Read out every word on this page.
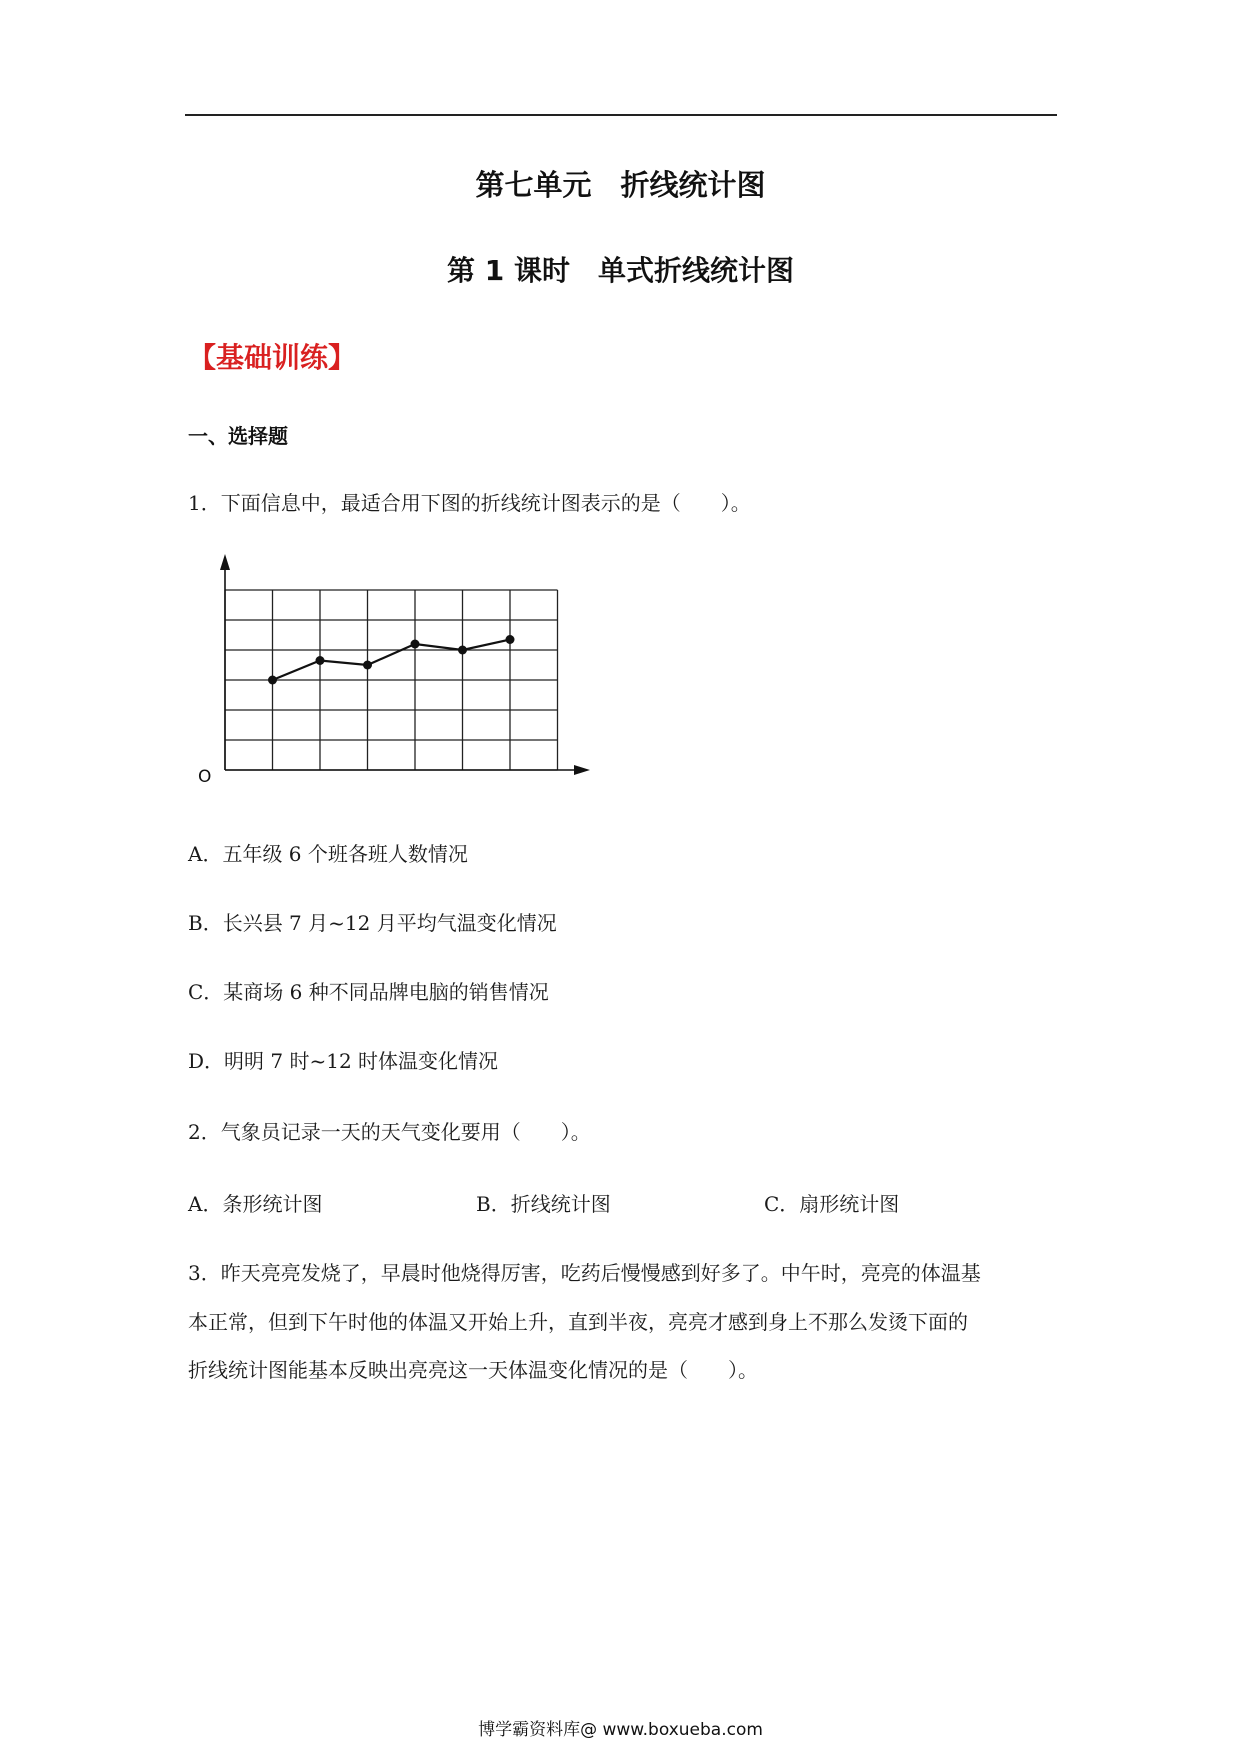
第七单元　折线统计图
第 1 课时　单式折线统计图
【基础训练】
一、选择题
1．下面信息中，最适合用下图的折线统计图表示的是（　　）。
O
A．五年级 6 个班各班人数情况
B．长兴县 7 月~12 月平均气温变化情况
C．某商场 6 种不同品牌电脑的销售情况
D．明明 7 时~12 时体温变化情况
2．气象员记录一天的天气变化要用（　　）。
A．条形统计图	B．折线统计图	C．扇形统计图
3．昨天亮亮发烧了，早晨时他烧得厉害，吃药后慢慢感到好多了。中午时，亮亮的体温基
本正常，但到下午时他的体温又开始上升，直到半夜，亮亮才感到身上不那么发烫下面的
折线统计图能基本反映出亮亮这一天体温变化情况的是（　　）。
博学霸资料库@ www.boxueba.com
